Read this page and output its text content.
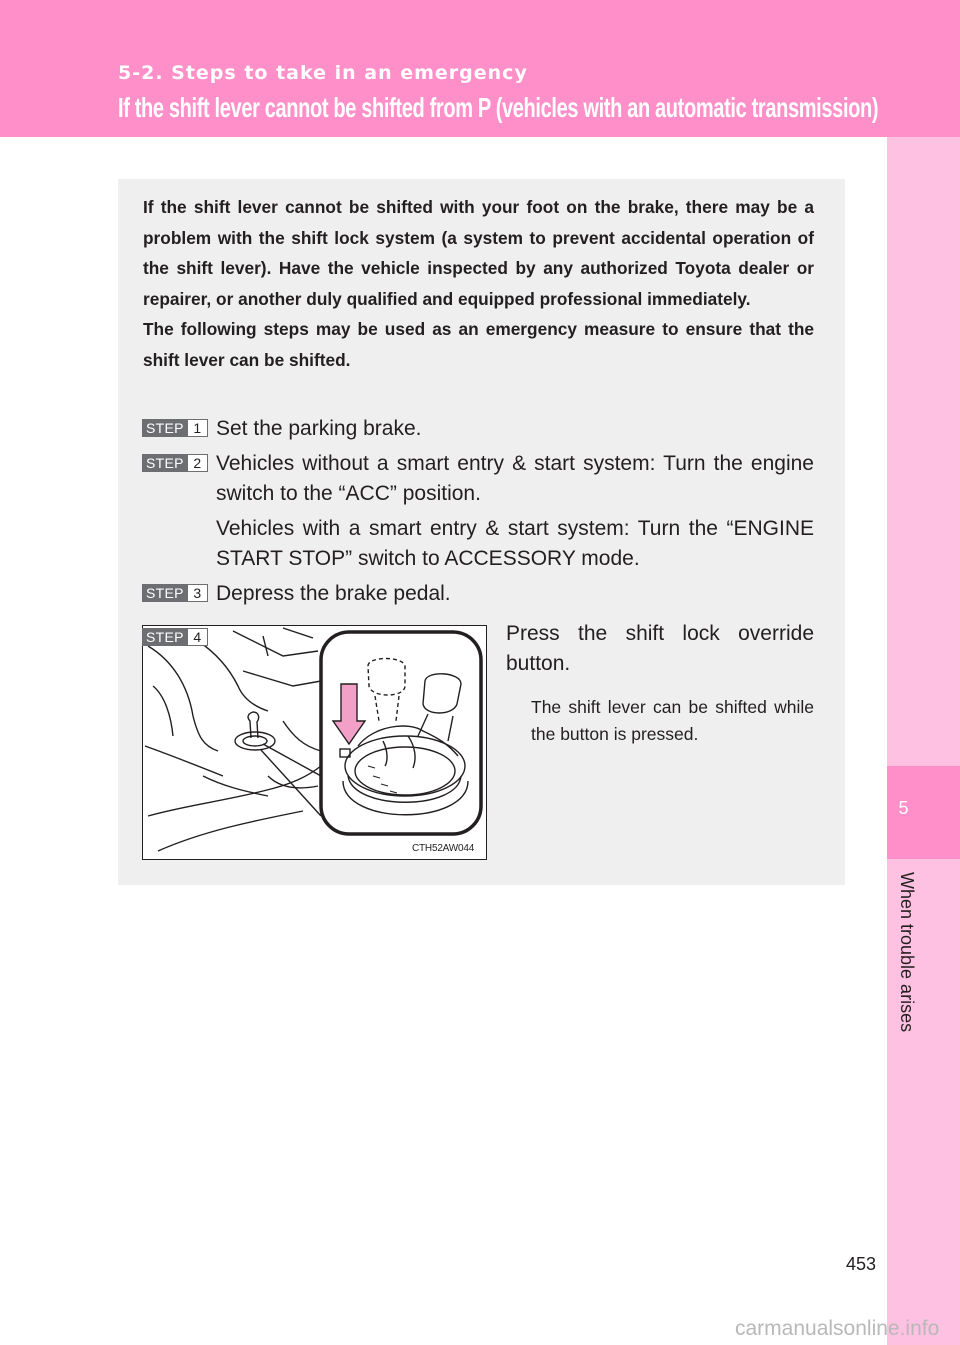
5-2. Steps to take in an emergency
If the shift lever cannot be shifted from P (vehicles with an automatic transmission)
5
When trouble arises

If the shift lever cannot be shifted with your foot on the brake, there may be a problem with the shift lock system (a system to prevent accidental operation of the shift lever). Have the vehicle inspected by any authorized Toyota dealer or repairer, or another duly qualified and equipped professional immediately.

The following steps may be used as an emergency measure to ensure that the shift lever can be shifted.

STEP 1 Set the parking brake.

STEP 2 Vehicles without a smart entry & start system: Turn the engine switch to the “ACC” position.

Vehicles with a smart entry & start system: Turn the “ENGINE START STOP” switch to ACCESSORY mode.

STEP 3 Depress the brake pedal.

STEP 4
CTH52AW044

Press the shift lock override button.

The shift lever can be shifted while the button is pressed.

453
carmanualsonline.info
